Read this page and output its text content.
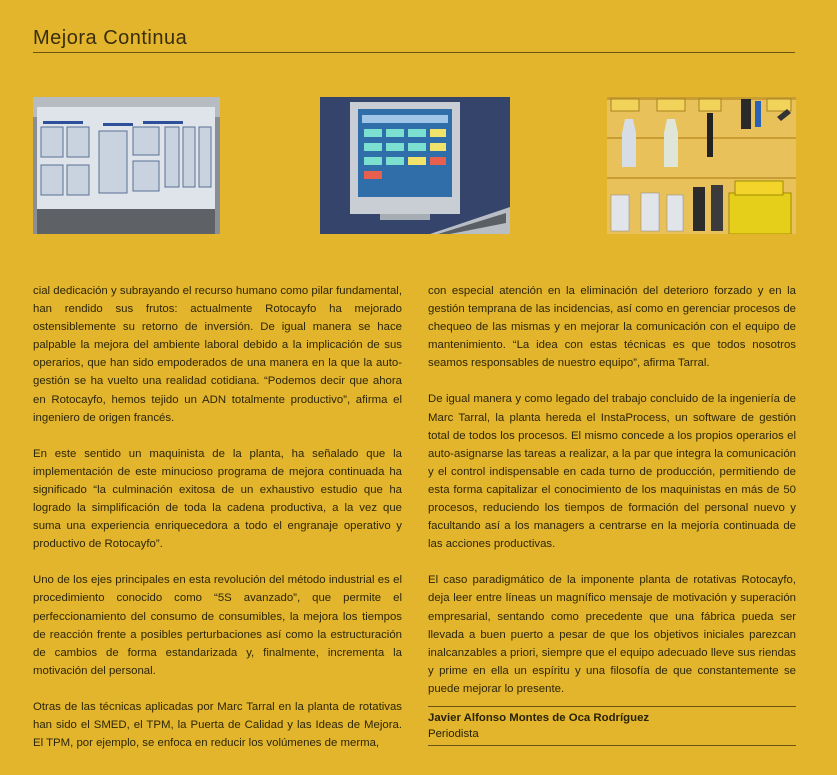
Mejora Continua

cial dedicación y subrayando el recurso humano como pilar fundamental, han rendido sus frutos: actualmente Rotocayfo ha mejorado ostensiblemente su retorno de inversión. De igual manera se hace palpable la mejora del ambiente laboral debido a la implicación de sus operarios, que han sido empoderados de una manera en la que la auto-gestión se ha vuelto una realidad cotidiana. “Podemos decir que ahora en Rotocayfo, hemos tejido un ADN totalmente productivo”, afirma el ingeniero de origen francés.

En este sentido un maquinista de la planta, ha señalado que la implementación de este minucioso programa de mejora continuada ha significado “la culminación exitosa de un exhaustivo estudio que ha logrado la simplificación de toda la cadena productiva, a la vez que suma una experiencia enriquecedora a todo el engranaje operativo y productivo de Rotocayfo”.

Uno de los ejes principales en esta revolución del método industrial es el procedimiento conocido como “5S avanzado”, que permite el perfeccionamiento del consumo de consumibles, la mejora los tiempos de reacción frente a posibles perturbaciones así como la estructuración de cambios de forma estandarizada y, finalmente, incrementa la motivación del personal.

Otras de las técnicas aplicadas por Marc Tarral en la planta de rotativas han sido el SMED, el TPM, la Puerta de Calidad y las Ideas de Mejora. El TPM, por ejemplo, se enfoca en reducir los volúmenes de merma,

con especial atención en la eliminación del deterioro forzado y en la gestión temprana de las incidencias, así como en gerenciar procesos de chequeo de las mismas y en mejorar la comunicación con el equipo de mantenimiento. “La idea con estas técnicas es que todos nosotros seamos responsables de nuestro equipo”, afirma Tarral.

De igual manera y como legado del trabajo concluido de la ingeniería de Marc Tarral, la planta hereda el InstaProcess, un software de gestión total de todos los procesos. El mismo concede a los propios operarios el auto-asignarse las tareas a realizar, a la par que integra la comunicación y el control indispensable en cada turno de producción, permitiendo de esta forma capitalizar el conocimiento de los maquinistas en más de 50 procesos, reduciendo los tiempos de formación del personal nuevo y facultando así a los managers a centrarse en la mejoría continuada de las acciones productivas.

El caso paradigmático de la imponente planta de rotativas Rotocayfo, deja leer entre líneas un magnífico mensaje de motivación y superación empresarial, sentando como precedente que una fábrica pueda ser llevada a buen puerto a pesar de que los objetivos iniciales parezcan inalcanzables a priori, siempre que el equipo adecuado lleve sus riendas y prime en ella un espíritu y una filosofía de que constantemente se puede mejorar lo presente.

Javier Alfonso Montes de Oca Rodríguez
Periodista
